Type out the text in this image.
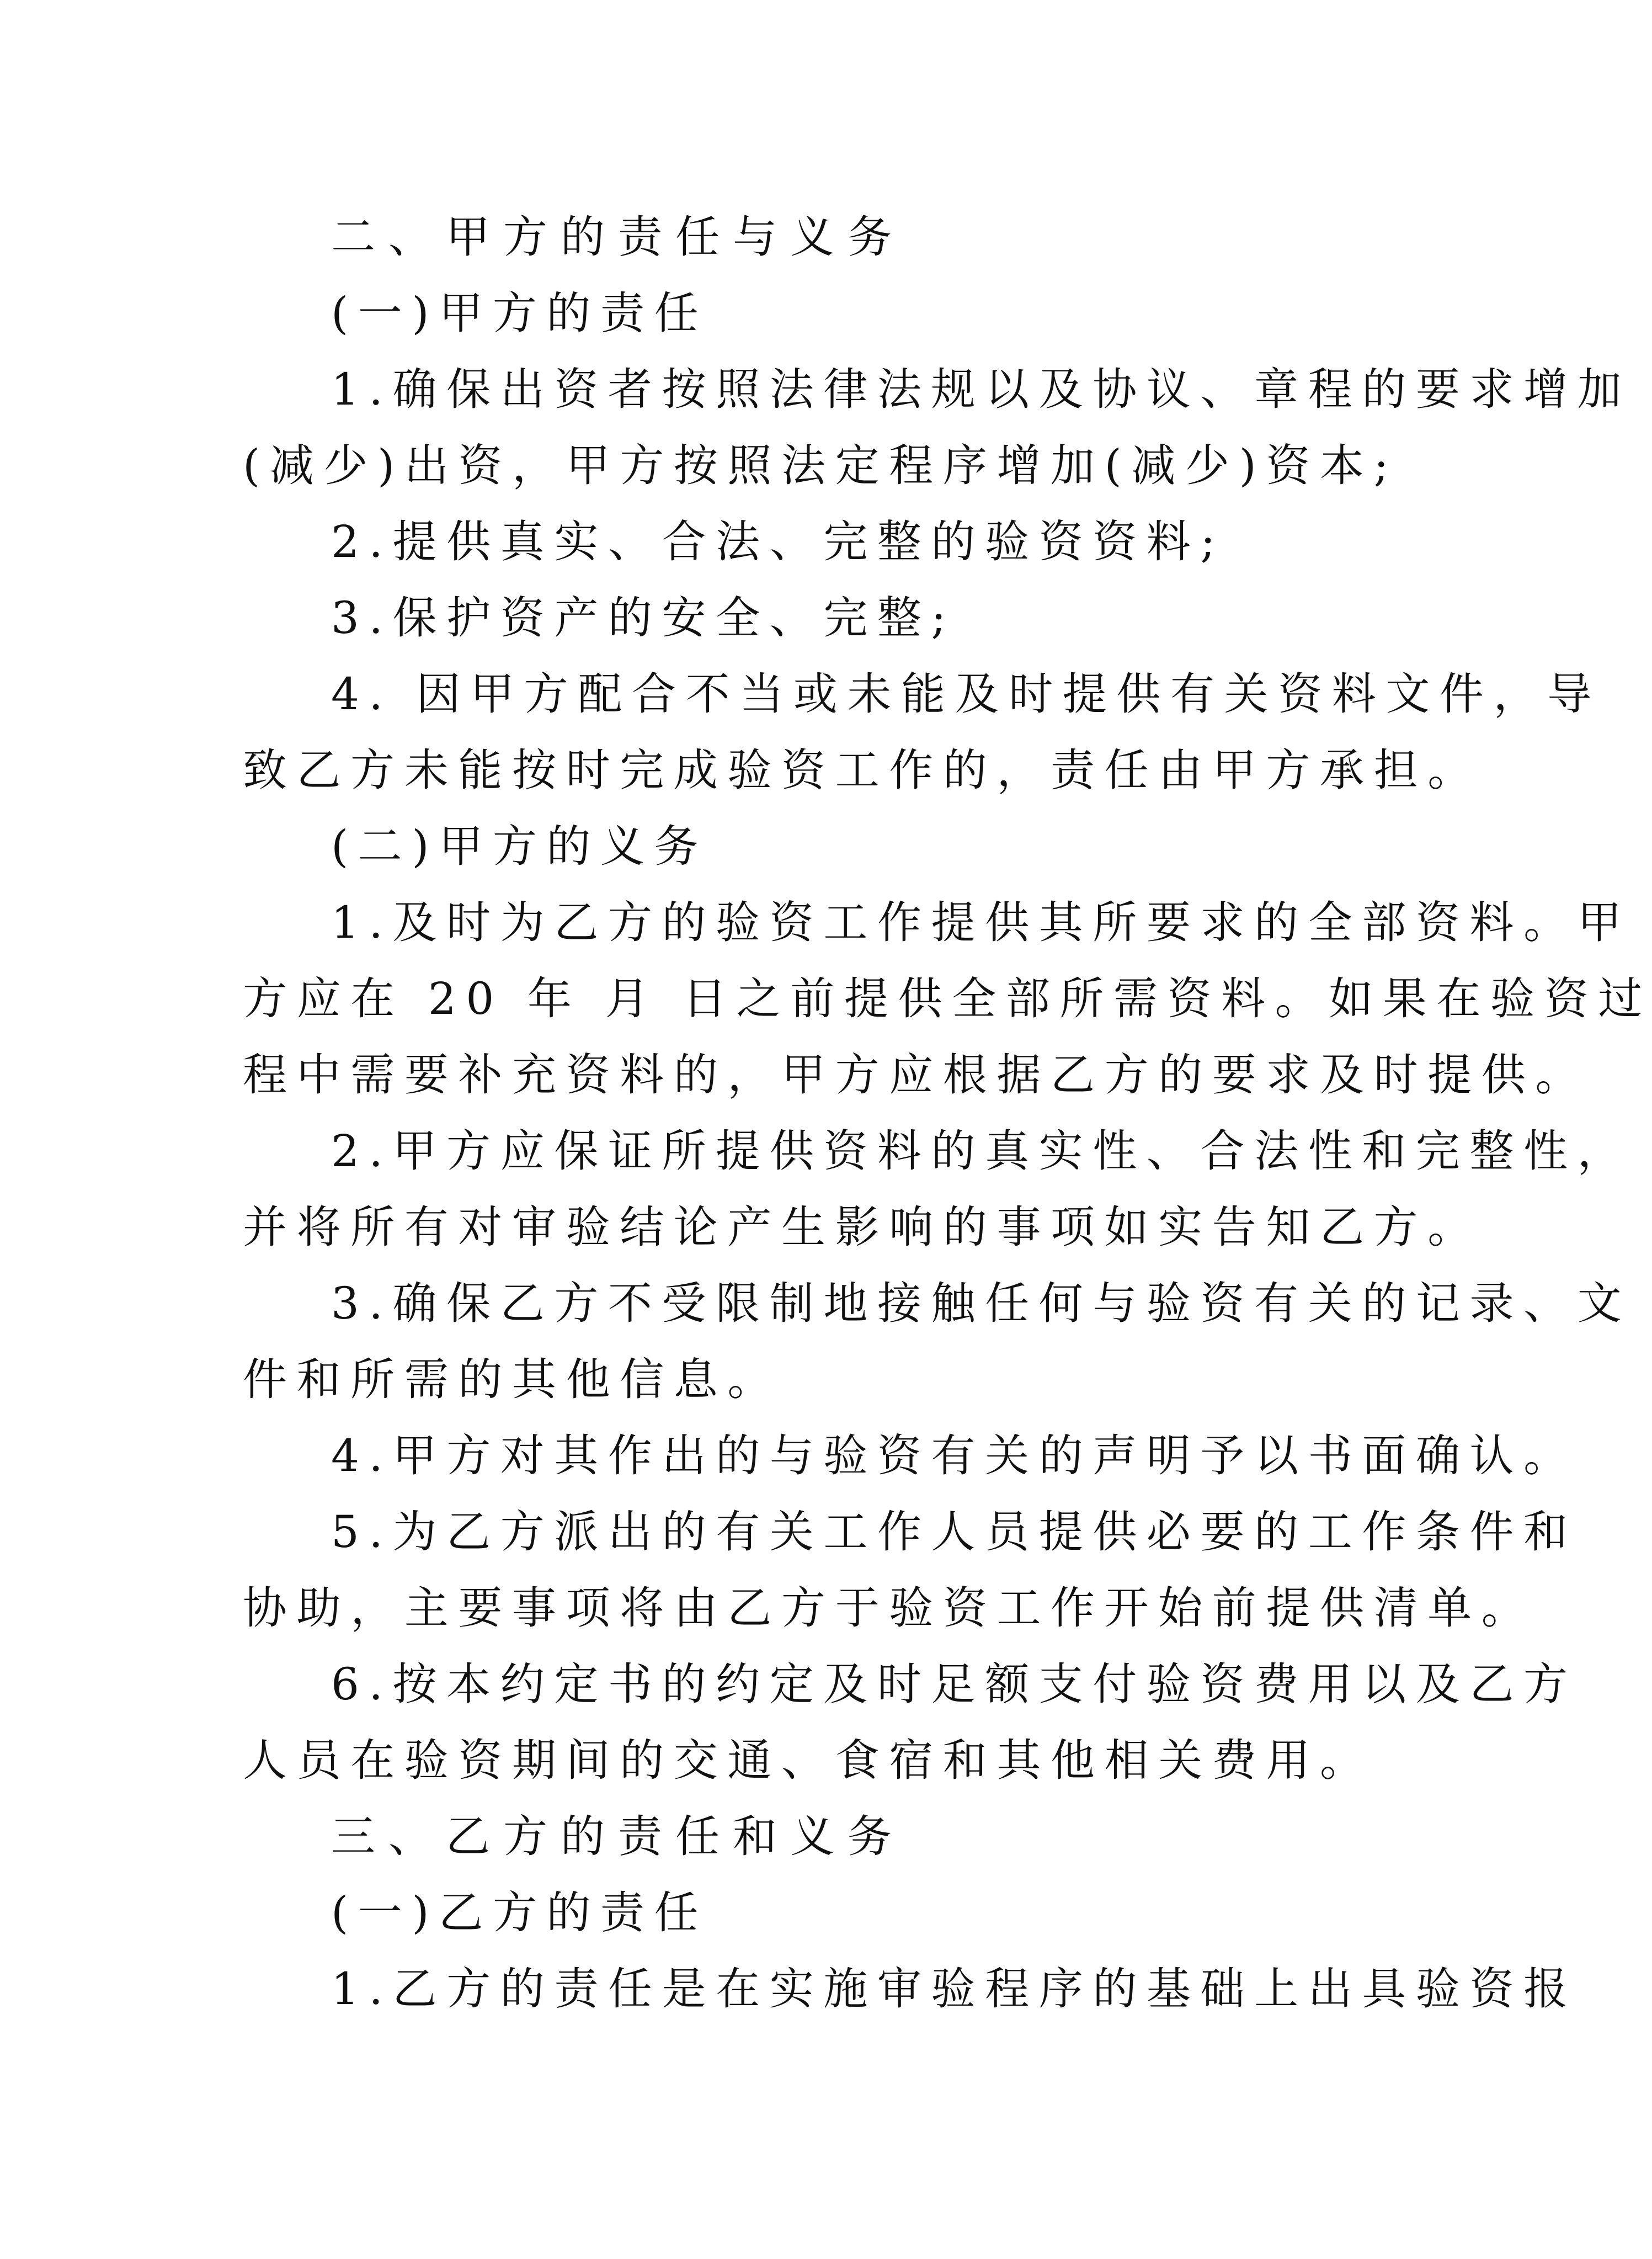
二、甲方的责任与义务
(一)甲方的责任
1.确保出资者按照法律法规以及协议、章程的要求增加
(减少)出资，甲方按照法定程序增加(减少)资本;
2.提供真实、合法、完整的验资资料;
3.保护资产的安全、完整;
4. 因甲方配合不当或未能及时提供有关资料文件，导
致乙方未能按时完成验资工作的，责任由甲方承担。
(二)甲方的义务
1.及时为乙方的验资工作提供其所要求的全部资料。甲
方应在 20 年 月 日之前提供全部所需资料。如果在验资过
程中需要补充资料的，甲方应根据乙方的要求及时提供。
2.甲方应保证所提供资料的真实性、合法性和完整性，
并将所有对审验结论产生影响的事项如实告知乙方。
3.确保乙方不受限制地接触任何与验资有关的记录、文
件和所需的其他信息。
4.甲方对其作出的与验资有关的声明予以书面确认。
5.为乙方派出的有关工作人员提供必要的工作条件和
协助，主要事项将由乙方于验资工作开始前提供清单。
6.按本约定书的约定及时足额支付验资费用以及乙方
人员在验资期间的交通、食宿和其他相关费用。
三、乙方的责任和义务
(一)乙方的责任
1.乙方的责任是在实施审验程序的基础上出具验资报
